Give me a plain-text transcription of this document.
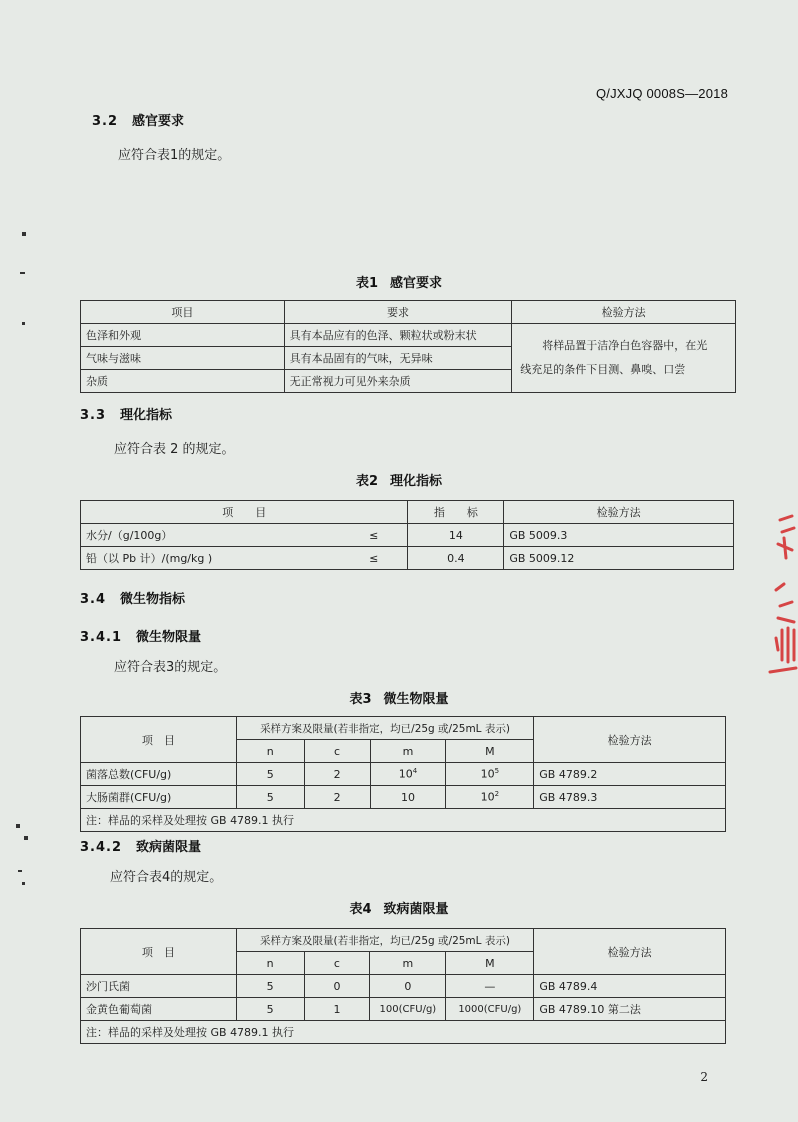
Q/JXJQ 0008S—2018
3.2 感官要求
应符合表1的规定。
表1 感官要求
项目	要求	检验方法
色泽和外观	具有本品应有的色泽、颗粒状或粉末状	将样品置于洁净白色容器中，在光
线充足的条件下目测、鼻嗅、口尝

气味与滋味	具有本品固有的气味，无异味	
杂质	无正常视力可见外来杂质	
3.3 理化指标
应符合表 2 的规定。
表2 理化指标
项　　目		指　　标	检验方法
水分/（g/100g）	≤	14	GB 5009.3
铅（以 Pb 计）/(mg/kg )	≤	0.4	GB 5009.12
3.4 微生物指标
3.4.1 微生物限量
应符合表3的规定。
表3 微生物限量
项　目	采样方案及限量(若非指定，均已/25g 或/25mL 表示)				检验方法
	n	c	m	M	
菌落总数(CFU/g)	5	2	$10^4$	$10^5$	GB 4789.2
大肠菌群(CFU/g)	5	2	10	$10^2$	GB 4789.3
注：样品的采样及处理按 GB 4789.1 执行					
3.4.2 致病菌限量
应符合表4的规定。
表4 致病菌限量
项　目	采样方案及限量(若非指定，均已/25g 或/25mL 表示)				检验方法
	n	c	m	M	
沙门氏菌	5	0	0	—	GB 4789.4
金黄色葡萄菌	5	1	100(CFU/g)	1000(CFU/g)	GB 4789.10 第二法
注：样品的采样及处理按 GB 4789.1 执行					
2
